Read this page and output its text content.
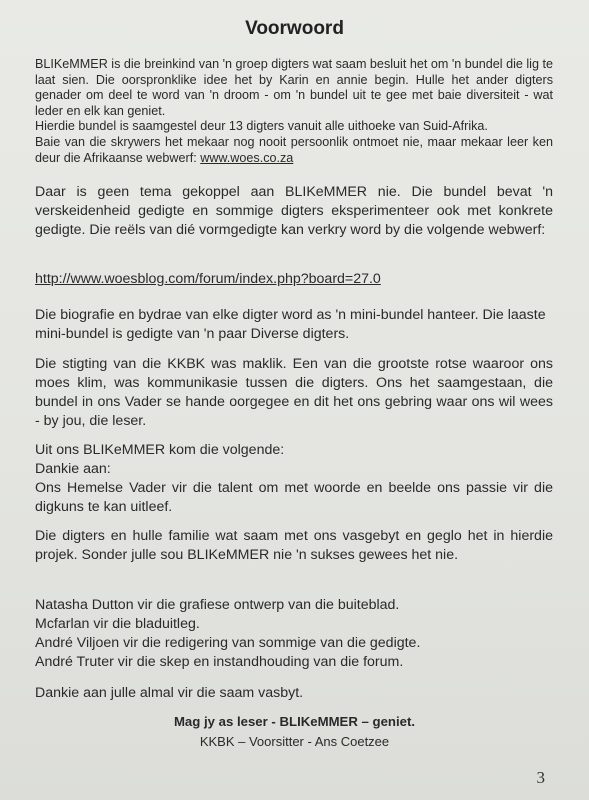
Voorwoord
BLIKeMMER is die breinkind van 'n groep digters wat saam besluit het om 'n bundel die lig te laat sien. Die oorspronklike idee het by Karin en annie begin. Hulle het ander digters genader om deel te word van 'n droom - om 'n bundel uit te gee met baie diversiteit - wat leder en elk kan geniet.
Hierdie bundel is saamgestel deur 13 digters vanuit alle uithoeke van Suid-Afrika.
Baie van die skrywers het mekaar nog nooit persoonlik ontmoet nie, maar mekaar leer ken deur die Afrikaanse webwerf: www.woes.co.za

Daar is geen tema gekoppel aan BLIKeMMER nie. Die bundel bevat 'n verskeidenheid gedigte en sommige digters eksperimenteer ook met konkrete gedigte. Die reëls van dié vormgedigte kan verkry word by die volgende webwerf:

http://www.woesblog.com/forum/index.php?board=27.0

Die biografie en bydrae van elke digter word as 'n mini-bundel hanteer. Die laaste mini-bundel is gedigte van 'n paar Diverse digters.

Die stigting van die KKBK was maklik. Een van die grootste rotse waaroor ons moes klim, was kommunikasie tussen die digters. Ons het saamgestaan, die bundel in ons Vader se hande oorgegee en dit het ons gebring waar ons wil wees - by jou, die leser.

Uit ons BLIKeMMER kom die volgende:
Dankie aan:
Ons Hemelse Vader vir die talent om met woorde en beelde ons passie vir die digkuns te kan uitleef.

Die digters en hulle familie wat saam met ons vasgebyt en geglo het in hierdie projek. Sonder julle sou BLIKeMMER nie 'n sukses gewees het nie.

Natasha Dutton vir die grafiese ontwerp van die buiteblad.
Mcfarlan vir die bladuitleg.
André Viljoen vir die redigering van sommige van die gedigte.
André Truter vir die skep en instandhouding van die forum.

Dankie aan julle almal vir die saam vasbyt.

Mag jy as leser - BLIKeMMER – geniet.
KKBK – Voorsitter - Ans Coetzee
3
